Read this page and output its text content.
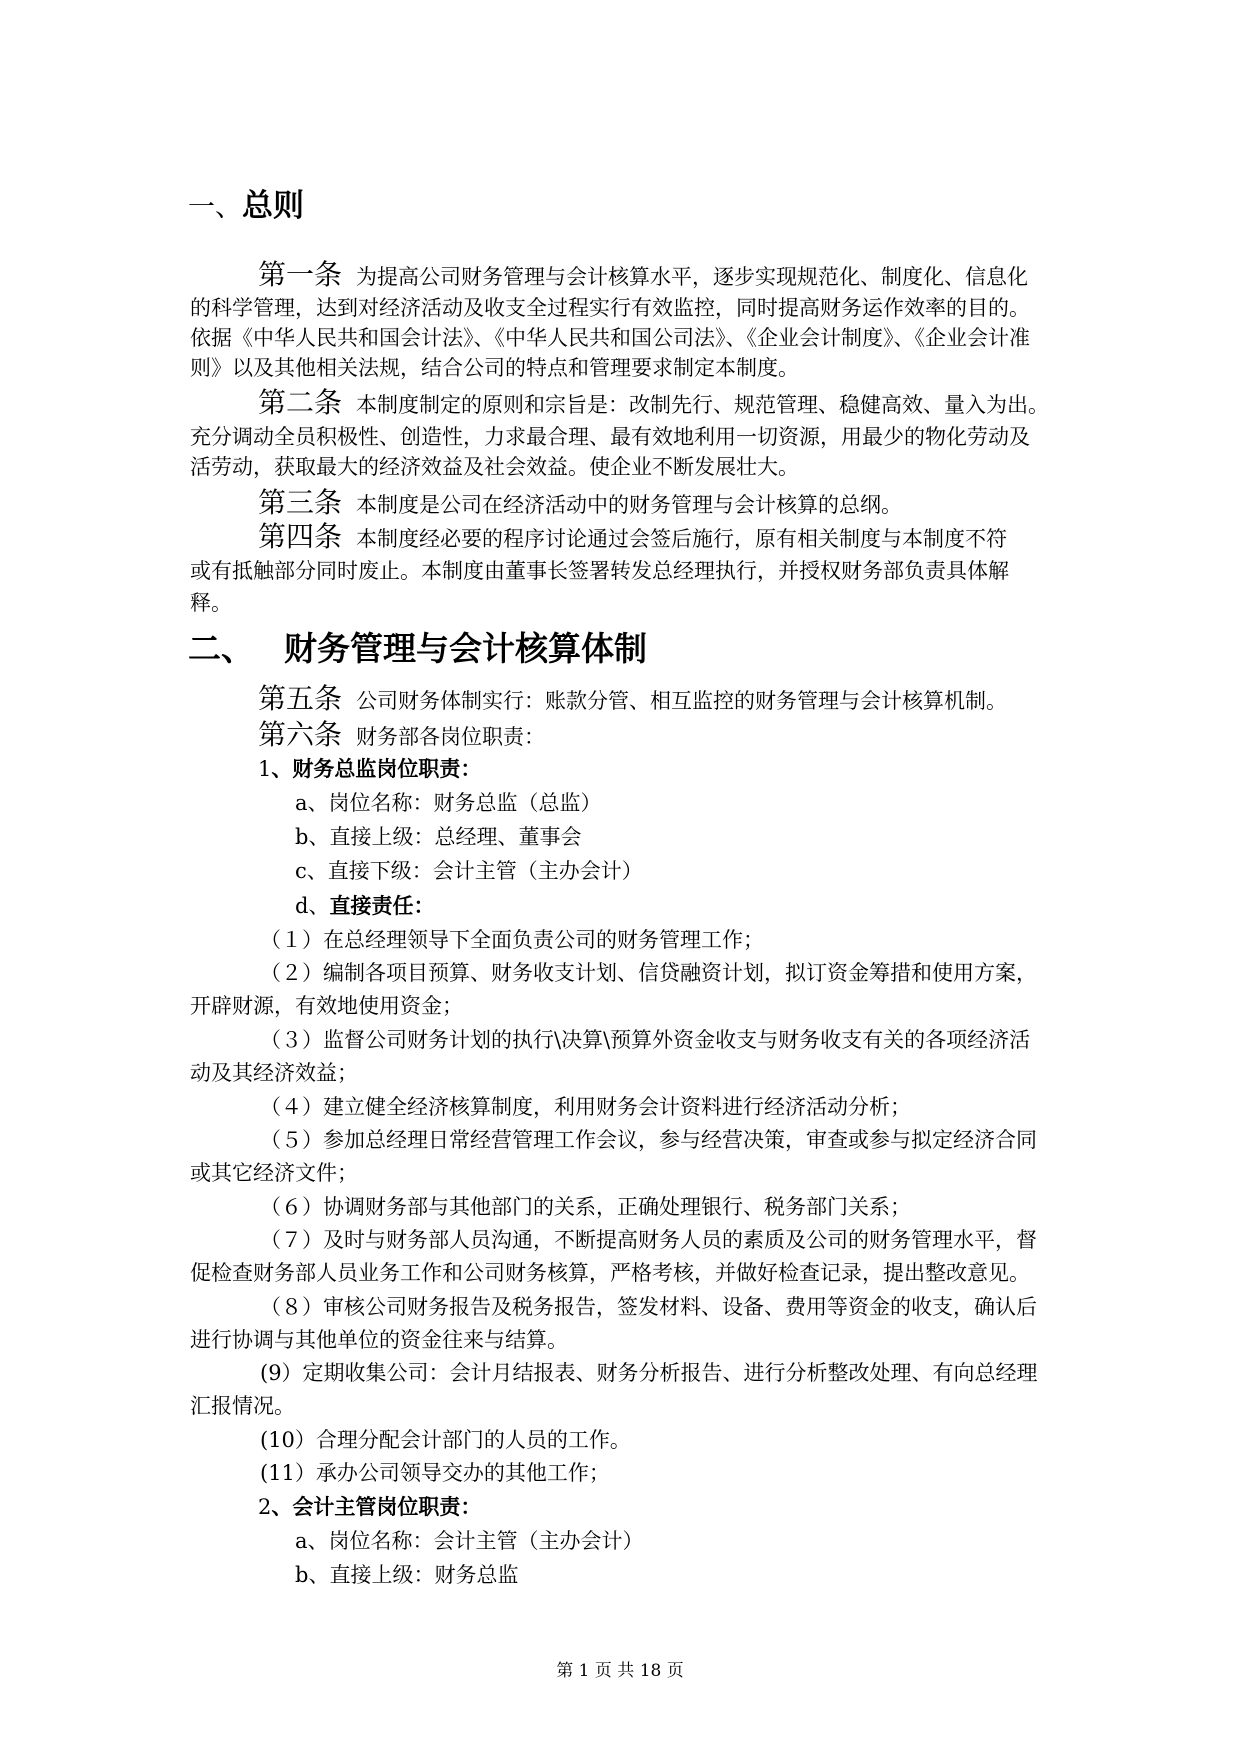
一、总则
第一条 为提高公司财务管理与会计核算水平，逐步实现规范化、制度化、信息化
的科学管理，达到对经济活动及收支全过程实行有效监控，同时提高财务运作效率的目的。
依据《中华人民共和国会计法》、《中华人民共和国公司法》、《企业会计制度》、《企业会计准
则》以及其他相关法规，结合公司的特点和管理要求制定本制度。
第二条 本制度制定的原则和宗旨是：改制先行、规范管理、稳健高效、量入为出。
充分调动全员积极性、创造性，力求最合理、最有效地利用一切资源，用最少的物化劳动及
活劳动，获取最大的经济效益及社会效益。使企业不断发展壮大。
第三条 本制度是公司在经济活动中的财务管理与会计核算的总纲。
第四条 本制度经必要的程序讨论通过会签后施行，原有相关制度与本制度不符
或有抵触部分同时废止。本制度由董事长签署转发总经理执行，并授权财务部负责具体解
释。
二、 财务管理与会计核算体制
第五条 公司财务体制实行：账款分管、相互监控的财务管理与会计核算机制。
第六条 财务部各岗位职责：
1、财务总监岗位职责：
a、岗位名称：财务总监（总监）
b、直接上级：总经理、董事会
c、直接下级：会计主管（主办会计）
d、直接责任：
（１）在总经理领导下全面负责公司的财务管理工作；
（２）编制各项目预算、财务收支计划、信贷融资计划，拟订资金筹措和使用方案，
开辟财源，有效地使用资金；
（３）监督公司财务计划的执行\决算\预算外资金收支与财务收支有关的各项经济活
动及其经济效益；
（４）建立健全经济核算制度，利用财务会计资料进行经济活动分析；
（５）参加总经理日常经营管理工作会议，参与经营决策，审查或参与拟定经济合同
或其它经济文件；
（６）协调财务部与其他部门的关系，正确处理银行、税务部门关系；
（７）及时与财务部人员沟通，不断提高财务人员的素质及公司的财务管理水平，督
促检查财务部人员业务工作和公司财务核算，严格考核，并做好检查记录，提出整改意见。
（８）审核公司财务报告及税务报告，签发材料、设备、费用等资金的收支，确认后
进行协调与其他单位的资金往来与结算。
(9）定期收集公司：会计月结报表、财务分析报告、进行分析整改处理、有向总经理
汇报情况。
(10）合理分配会计部门的人员的工作。
(11）承办公司领导交办的其他工作；
2、会计主管岗位职责：
a、岗位名称：会计主管（主办会计）
b、直接上级：财务总监
第 1 页 共 18 页
